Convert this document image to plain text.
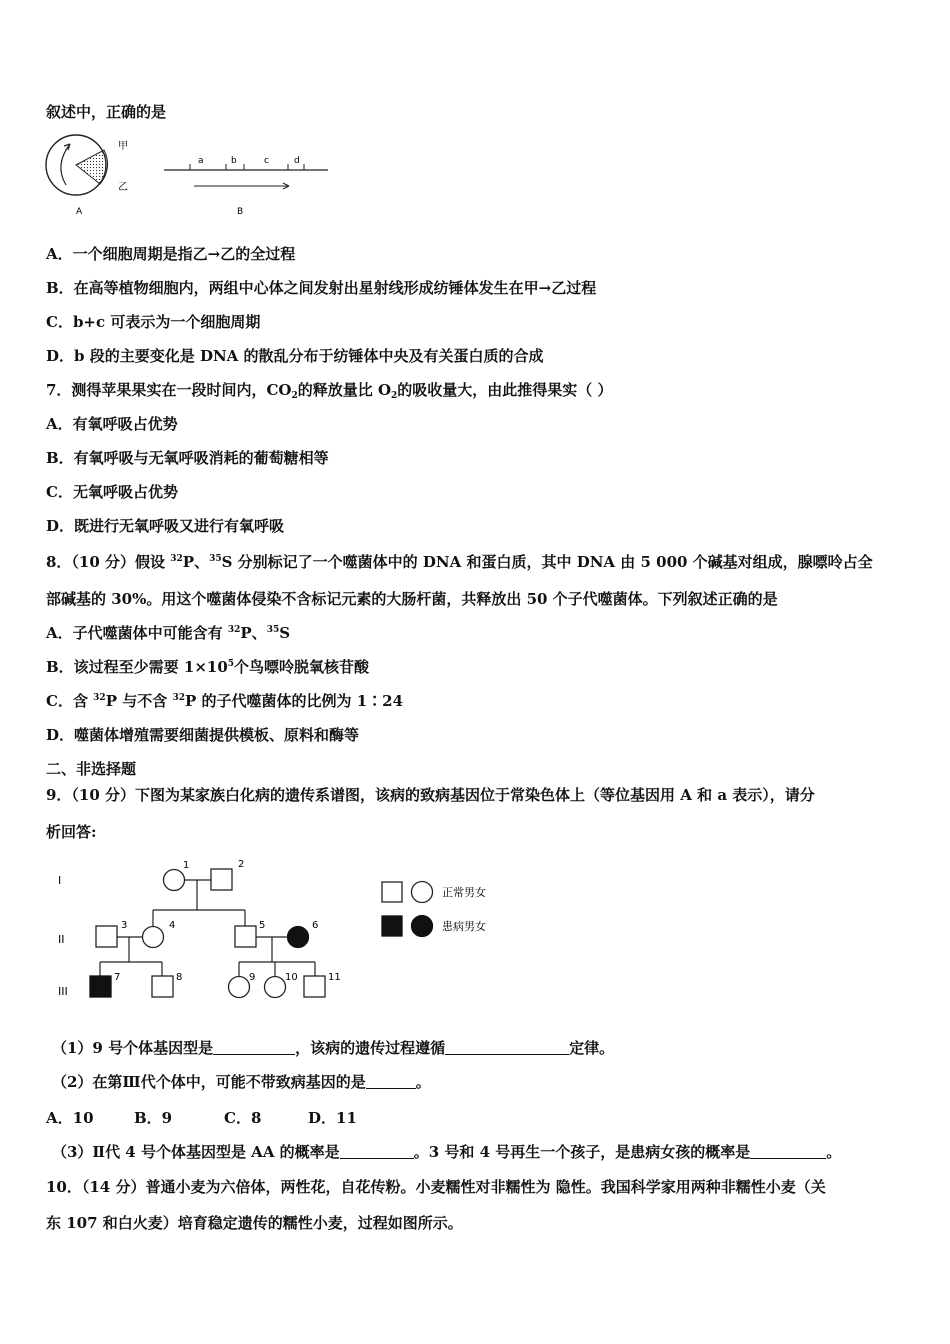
叙述中，正确的是
甲
乙
A
a	b	c	d
B
A．一个细胞周期是指乙→乙的全过程
B．在高等植物细胞内，两组中心体之间发射出星射线形成纺锤体发生在甲→乙过程
C．b+c 可表示为一个细胞周期
D．b 段的主要变化是 DNA 的散乱分布于纺锤体中央及有关蛋白质的合成
7．测得苹果果实在一段时间内，$CO_2$的释放量比 $O_2$的吸收量大，由此推得果实（ ）
A．有氧呼吸占优势
B．有氧呼吸与无氧呼吸消耗的葡萄糖相等
C．无氧呼吸占优势
D．既进行无氧呼吸又进行有氧呼吸
8．（10 分）假设 $^{32}$P、$^{35}$S 分别标记了一个噬菌体中的 DNA 和蛋白质，其中 DNA 由 5 000 个碱基对组成，腺嘌呤占全
部碱基的 30%。用这个噬菌体侵染不含标记元素的大肠杆菌，共释放出 50 个子代噬菌体。下列叙述正确的是
A．子代噬菌体中可能含有 $^{32}$P、$^{35}$S
B．该过程至少需要 $1\times 10^5$个鸟嘌呤脱氧核苷酸
C．含 $^{32}$P 与不含 $^{32}$P 的子代噬菌体的比例为 1∶24
D．噬菌体增殖需要细菌提供模板、原料和酶等
二、非选择题
9．（10 分）下图为某家族白化病的遗传系谱图，该病的致病基因位于常染色体上（等位基因用 A 和 a 表示），请分
析回答:
I
II
III
1	2
3	4	5	6
7	8	9	10	11
正常男女
患病男女
（1）9 号个体基因型是	，该病的遗传过程遵循	定律。
（2）在第Ⅲ代个体中，可能不带致病基因的是	。
A．10	B．9	C．8	D．11
（3）Ⅱ代 4 号个体基因型是 AA 的概率是	。3 号和 4 号再生一个孩子，是患病女孩的概率是	。
10．（14 分）普通小麦为六倍体，两性花，自花传粉。小麦糯性对非糯性为 隐性。我国科学家用两种非糯性小麦（关
东 107 和白火麦）培育稳定遗传的糯性小麦，过程如图所示。
